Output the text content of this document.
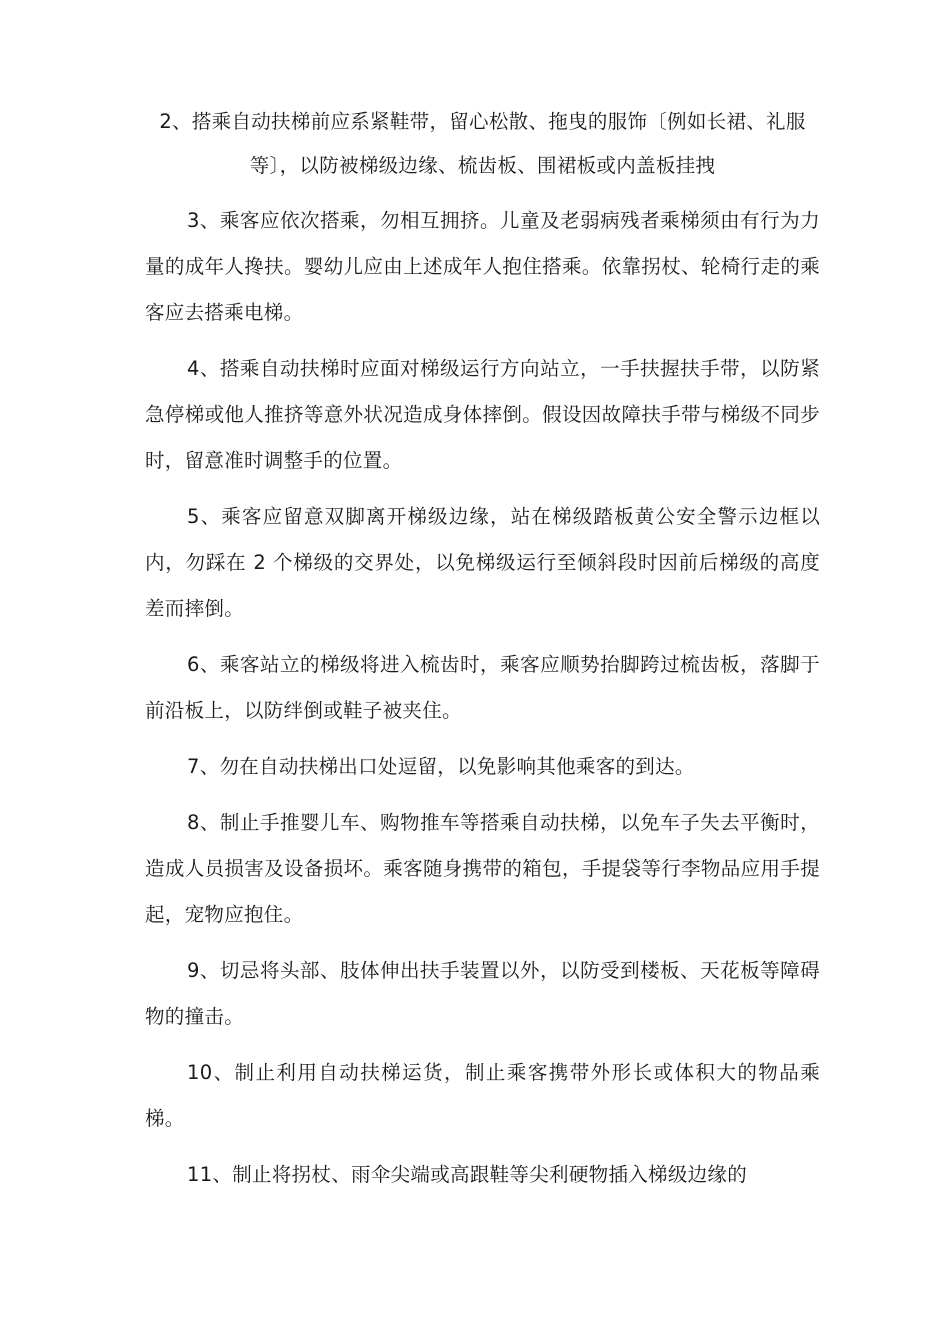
2、搭乘自动扶梯前应系紧鞋带，留心松散、拖曳的服饰〔例如长裙、礼服等〕，以防被梯级边缘、梳齿板、围裙板或内盖板挂拽

3、乘客应依次搭乘，勿相互拥挤。儿童及老弱病残者乘梯须由有行为力量的成年人搀扶。婴幼儿应由上述成年人抱住搭乘。依靠拐杖、轮椅行走的乘客应去搭乘电梯。

4、搭乘自动扶梯时应面对梯级运行方向站立，一手扶握扶手带，以防紧急停梯或他人推挤等意外状况造成身体摔倒。假设因故障扶手带与梯级不同步时，留意准时调整手的位置。

5、乘客应留意双脚离开梯级边缘，站在梯级踏板黄公安全警示边框以内，勿踩在 2 个梯级的交界处，以免梯级运行至倾斜段时因前后梯级的高度差而摔倒。

6、乘客站立的梯级将进入梳齿时，乘客应顺势抬脚跨过梳齿板，落脚于前沿板上，以防绊倒或鞋子被夹住。

7、勿在自动扶梯出口处逗留，以免影响其他乘客的到达。

8、制止手推婴儿车、购物推车等搭乘自动扶梯，以免车子失去平衡时，造成人员损害及设备损坏。乘客随身携带的箱包，手提袋等行李物品应用手提起，宠物应抱住。

9、切忌将头部、肢体伸出扶手装置以外，以防受到楼板、天花板等障碍物的撞击。

10、制止利用自动扶梯运货，制止乘客携带外形长或体积大的物品乘梯。

11、制止将拐杖、雨伞尖端或高跟鞋等尖利硬物插入梯级边缘的
